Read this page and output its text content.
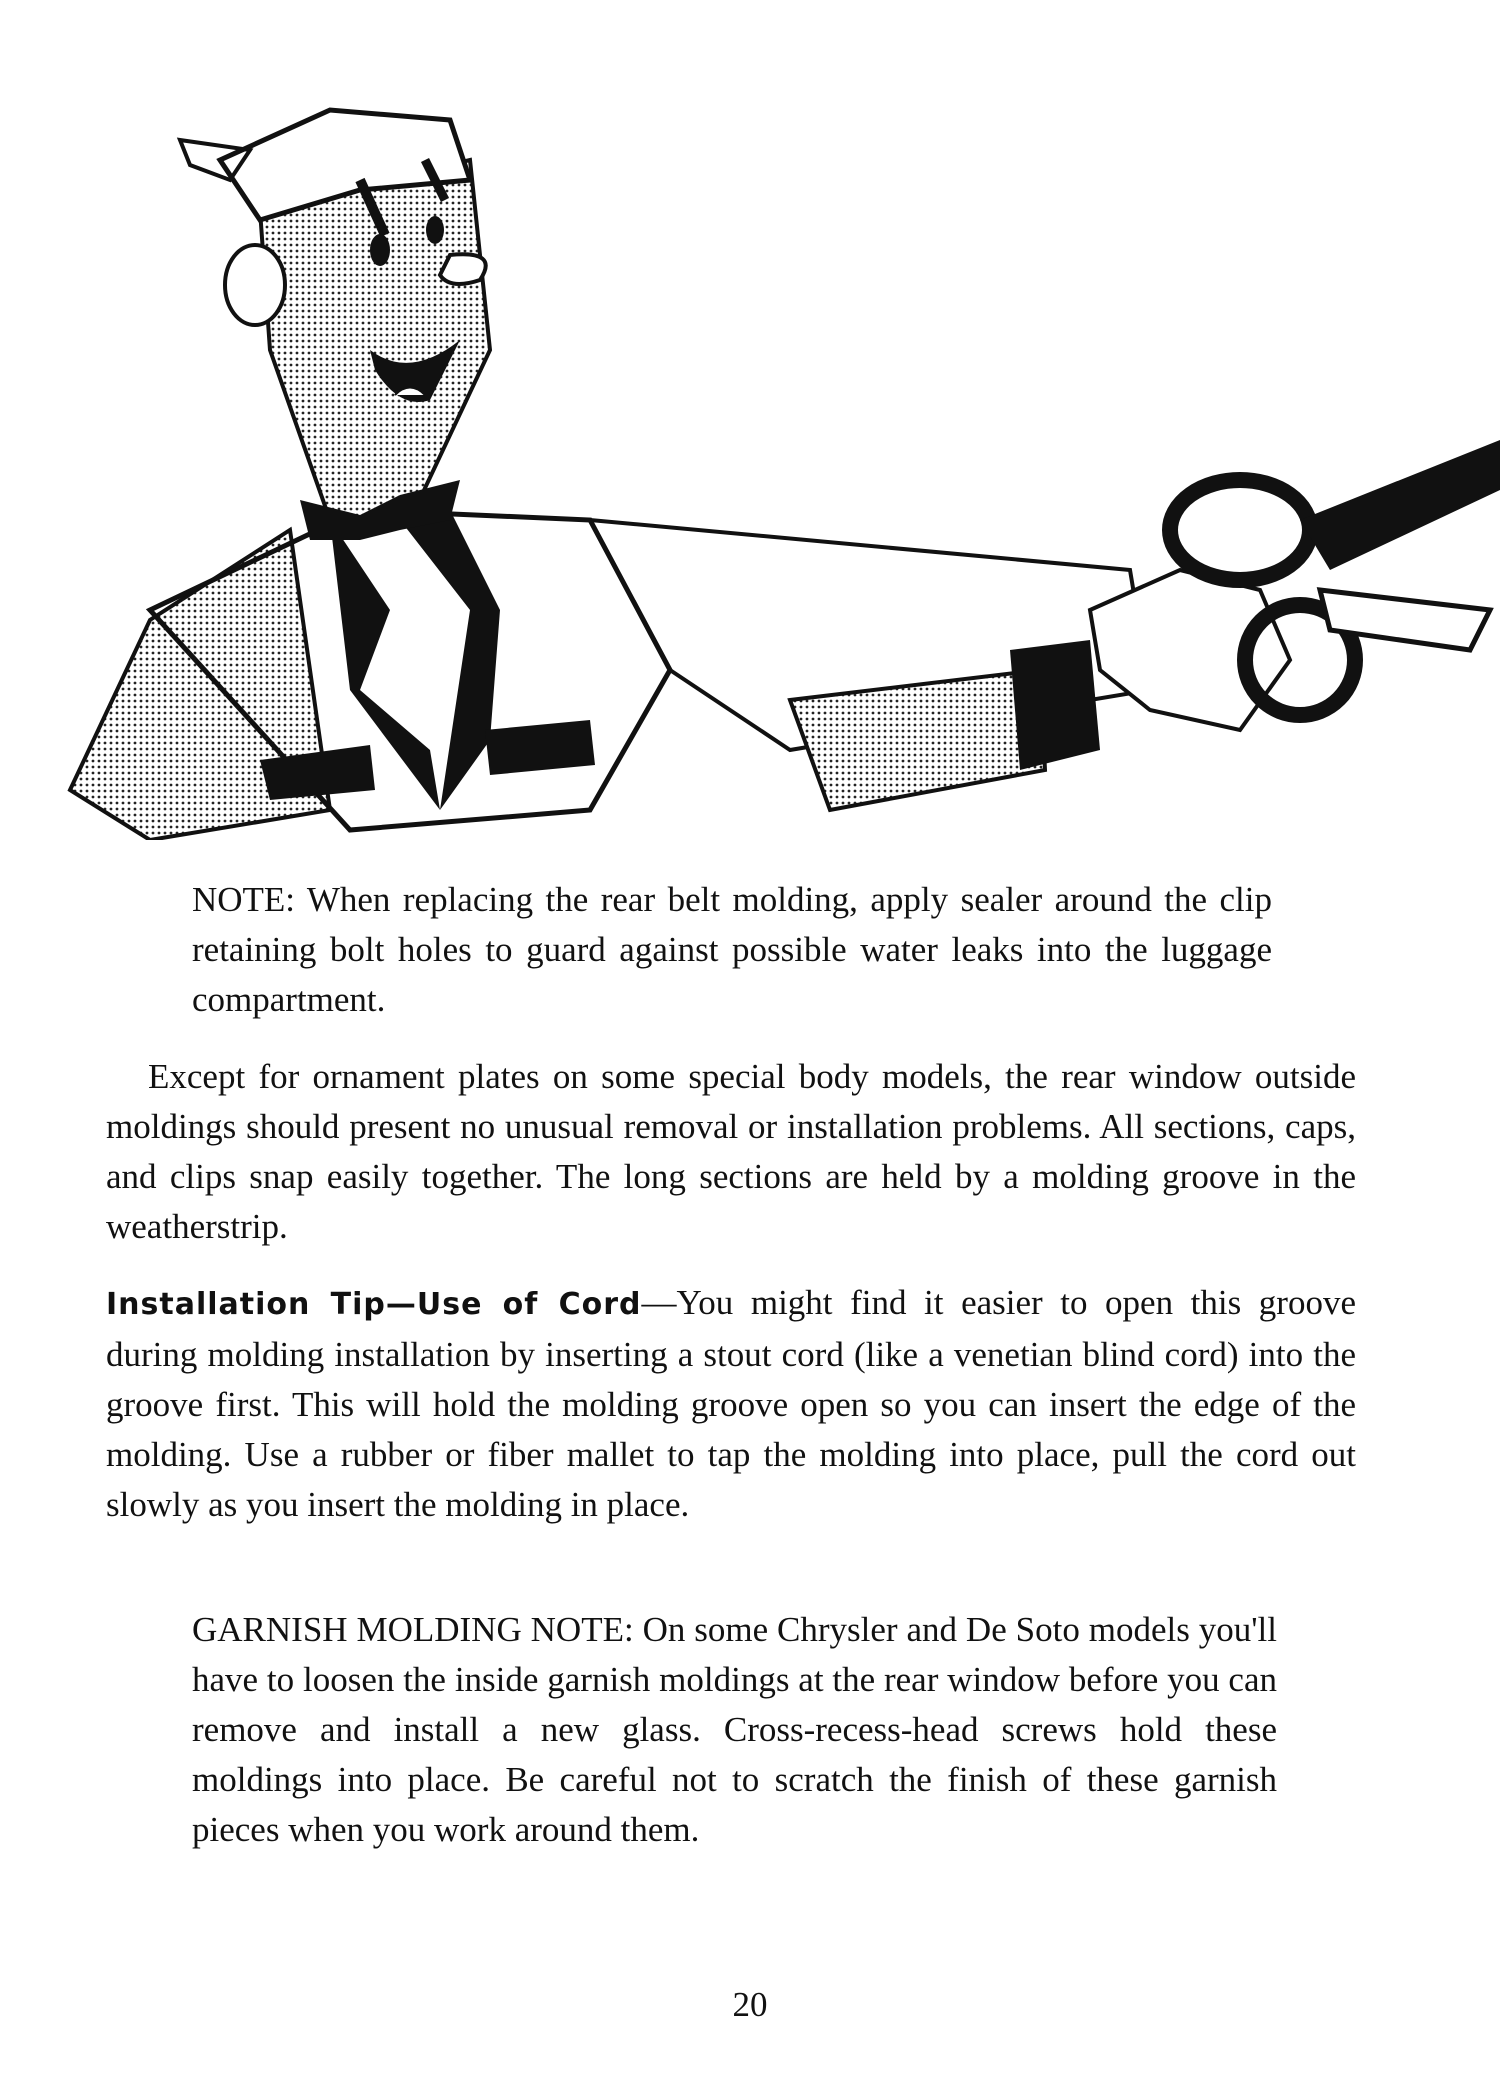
NOTE: When replacing the rear belt molding, apply sealer around the clip retaining bolt holes to guard against possible water leaks into the luggage compartment.

Except for ornament plates on some special body models, the rear window outside moldings should present no unusual removal or installation problems. All sections, caps, and clips snap easily together. The long sections are held by a molding groove in the weatherstrip.

Installation Tip—Use of Cord—You might find it easier to open this groove during molding installation by inserting a stout cord (like a venetian blind cord) into the groove first. This will hold the molding groove open so you can insert the edge of the molding. Use a rubber or fiber mallet to tap the molding into place, pull the cord out slowly as you insert the molding in place.

GARNISH MOLDING NOTE: On some Chrysler and De Soto models you'll have to loosen the inside garnish moldings at the rear window before you can remove and install a new glass. Cross-recess-head screws hold these moldings into place. Be careful not to scratch the finish of these garnish pieces when you work around them.

20
